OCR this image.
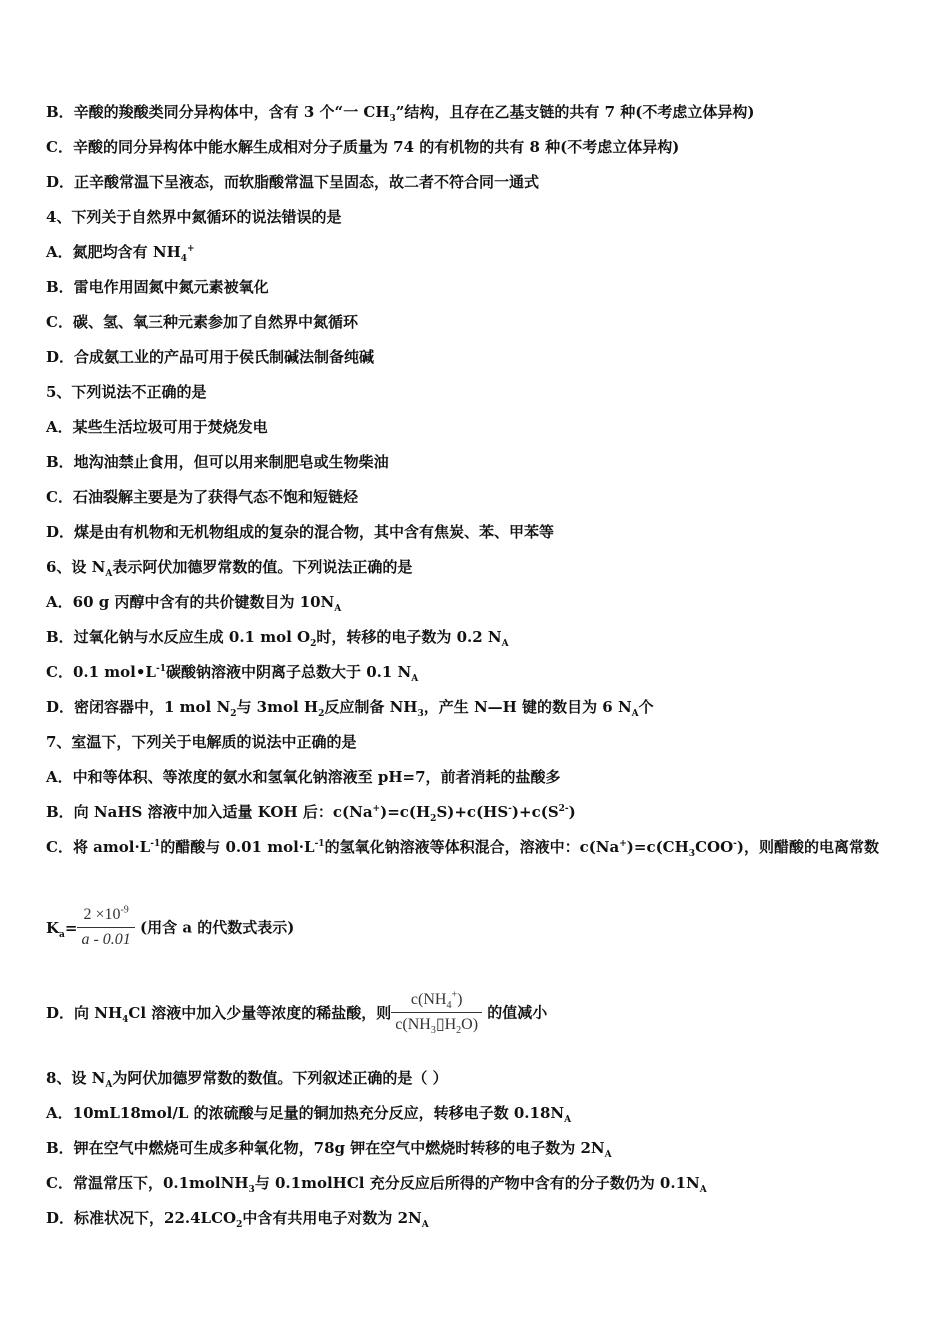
B．辛酸的羧酸类同分异构体中，含有 3 个“一 $CH_3$”结构，且存在乙基支链的共有 7 种(不考虑立体异构)
C．辛酸的同分异构体中能水解生成相对分子质量为 74 的有机物的共有 8 种(不考虑立体异构)
D．正辛酸常温下呈液态，而软脂酸常温下呈固态，故二者不符合同一通式
4、下列关于自然界中氮循环的说法错误的是
A．氮肥均含有 $NH_4^+$
B．雷电作用固氮中氮元素被氧化
C．碳、氢、氧三种元素参加了自然界中氮循环
D．合成氨工业的产品可用于侯氏制碱法制备纯碱
5、下列说法不正确的是
A．某些生活垃圾可用于焚烧发电
B．地沟油禁止食用，但可以用来制肥皂或生物柴油
C．石油裂解主要是为了获得气态不饱和短链烃
D．煤是由有机物和无机物组成的复杂的混合物，其中含有焦炭、苯、甲苯等
6、设 $N_A$表示阿伏加德罗常数的值。下列说法正确的是
A．60 g 丙醇中含有的共价键数目为 $10N_A$
B．过氧化钠与水反应生成 0.1 mol $O_2$时，转移的电子数为 0.2 $N_A$
C．0.1 $mol•L^{-1}$碳酸钠溶液中阴离子总数大于 0.1 $N_A$
D．密闭容器中，1 mol $N_2$与 3mol $H_2$反应制备 $NH_3$，产生 N—H 键的数目为 6 $N_A$个
7、室温下，下列关于电解质的说法中正确的是
A．中和等体积、等浓度的氨水和氢氧化钠溶液至 pH=7，前者消耗的盐酸多
B．向 NaHS 溶液中加入适量 KOH 后：$c(Na^+)=c(H_2S)+c(HS^-)+c(S^{2-})$
C．将 $amol\cdot L^{-1}$的醋酸与 0.01 $mol\cdot L^{-1}$的氢氧化钠溶液等体积混合，溶液中：$c(Na^+)=c(CH_3COO^-)$，则醋酸的电离常数
$K_a= \frac{2 \times 10^{-9}}{a - 0.01}$ (用含 a 的代数式表示)
D．向 $NH_4Cl$ 溶液中加入少量等浓度的稀盐酸，则 $\frac{c(NH_4^+)}{c(NH_3▯H_2O)}$ 的值减小
8、设 $N_A$为阿伏加德罗常数的数值。下列叙述正确的是（ ）
A．10mL18mol/L 的浓硫酸与足量的铜加热充分反应，转移电子数 $0.18N_A$
B．钾在空气中燃烧可生成多种氧化物，78g 钾在空气中燃烧时转移的电子数为 $2N_A$
C．常温常压下，0.1molNH$_3$与 0.1molHCl 充分反应后所得的产物中含有的分子数仍为 $0.1N_A$
D．标准状况下，$22.4LCO_2$中含有共用电子对数为 $2N_A$
